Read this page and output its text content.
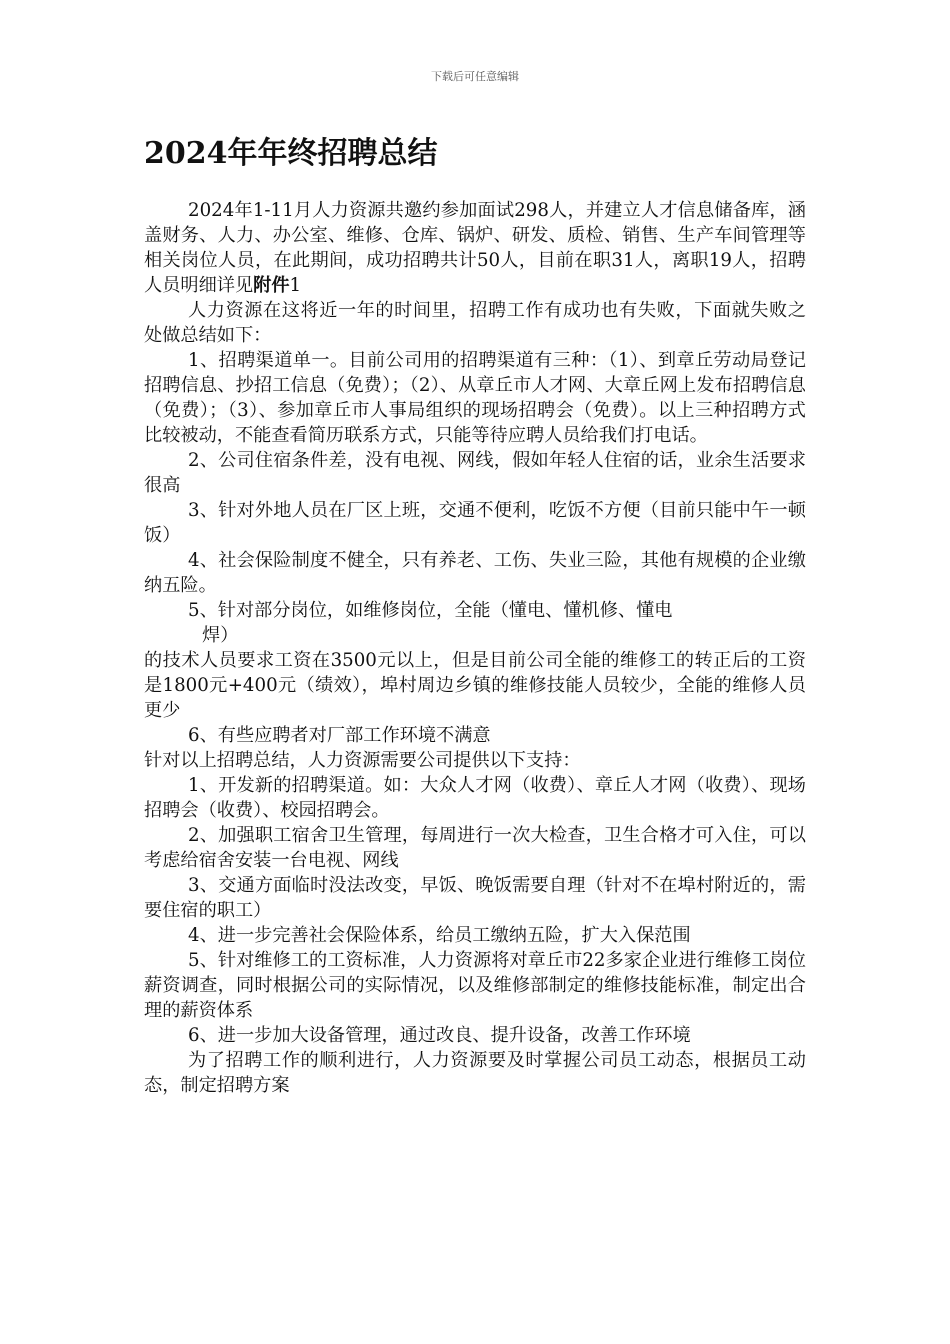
下载后可任意编辑
2024年年终招聘总结

2024年1-11月人力资源共邀约参加面试298人，并建立人才信息储备库，涵盖财务、人力、办公室、维修、仓库、锅炉、研发、质检、销售、生产车间管理等相关岗位人员，在此期间，成功招聘共计50人，目前在职31人，离职19人，招聘人员明细详见附件1

人力资源在这将近一年的时间里，招聘工作有成功也有失败，下面就失败之处做总结如下：

1、招聘渠道单一。目前公司用的招聘渠道有三种：（1）、到章丘劳动局登记招聘信息、抄招工信息（免费）；（2）、从章丘市人才网、大章丘网上发布招聘信息（免费）；（3）、参加章丘市人事局组织的现场招聘会（免费）。以上三种招聘方式比较被动，不能查看简历联系方式，只能等待应聘人员给我们打电话。

2、公司住宿条件差，没有电视、网线，假如年轻人住宿的话，业余生活要求很高

3、针对外地人员在厂区上班，交通不便利，吃饭不方便（目前只能中午一顿饭）

4、社会保险制度不健全，只有养老、工伤、失业三险，其他有规模的企业缴纳五险。

5、针对部分岗位，如维修岗位，全能（懂电、懂机修、懂电

焊）

的技术人员要求工资在3500元以上，但是目前公司全能的维修工的转正后的工资是1800元+400元（绩效），埠村周边乡镇的维修技能人员较少，全能的维修人员更少

6、有些应聘者对厂部工作环境不满意

针对以上招聘总结，人力资源需要公司提供以下支持：

1、开发新的招聘渠道。如：大众人才网（收费）、章丘人才网（收费）、现场招聘会（收费）、校园招聘会。

2、加强职工宿舍卫生管理，每周进行一次大检查，卫生合格才可入住，可以考虑给宿舍安装一台电视、网线

3、交通方面临时没法改变，早饭、晚饭需要自理（针对不在埠村附近的，需要住宿的职工）

4、进一步完善社会保险体系，给员工缴纳五险，扩大入保范围

5、针对维修工的工资标准，人力资源将对章丘市22多家企业进行维修工岗位薪资调查，同时根据公司的实际情况，以及维修部制定的维修技能标准，制定出合理的薪资体系

6、进一步加大设备管理，通过改良、提升设备，改善工作环境

为了招聘工作的顺利进行，人力资源要及时掌握公司员工动态，根据员工动态，制定招聘方案
